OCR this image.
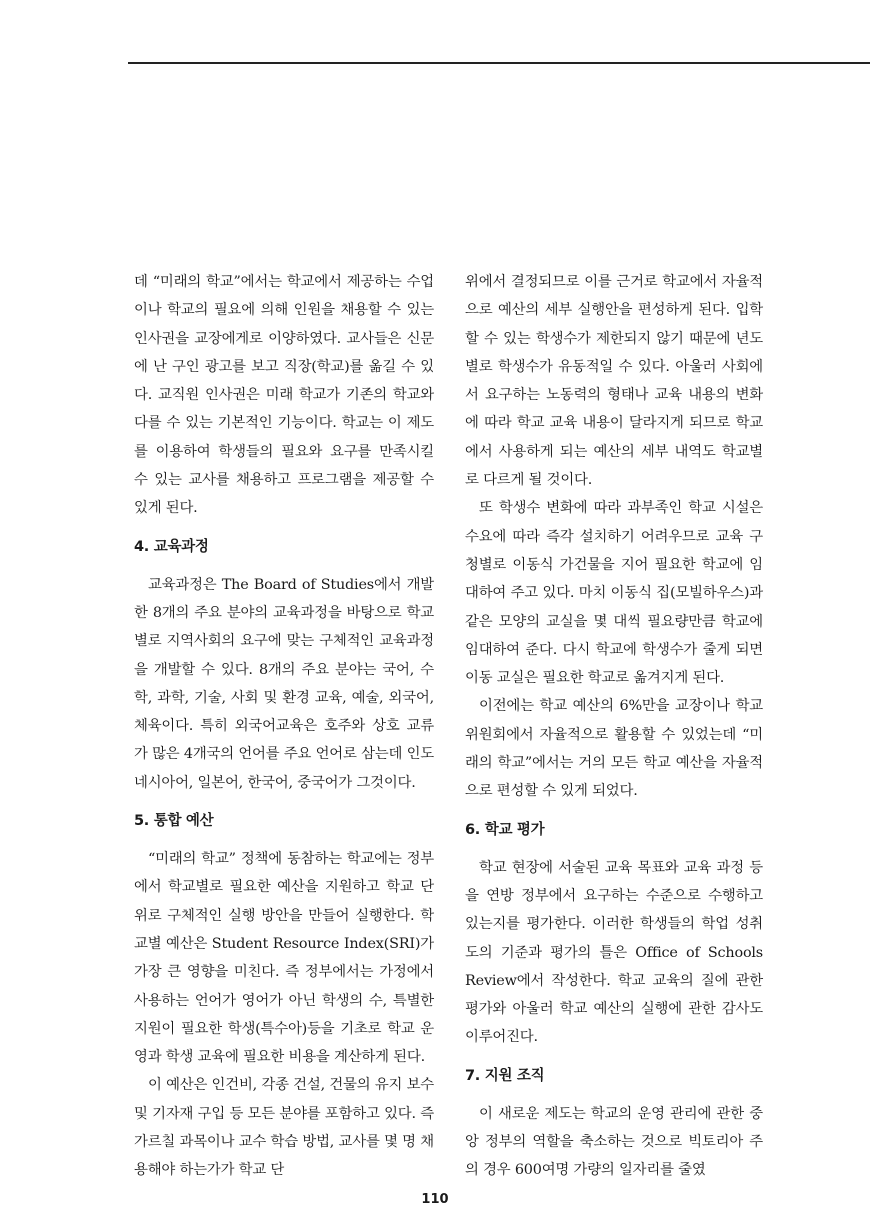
데 “미래의 학교”에서는 학교에서 제공하는 수업이나 학교의 필요에 의해 인원을 채용할 수 있는 인사권을 교장에게로 이양하였다. 교사들은 신문에 난 구인 광고를 보고 직장(학교)를 옮길 수 있다. 교직원 인사권은 미래 학교가 기존의 학교와 다를 수 있는 기본적인 기능이다. 학교는 이 제도를 이용하여 학생들의 필요와 요구를 만족시킬 수 있는 교사를 채용하고 프로그램을 제공할 수 있게 된다.

4. 교육과정

교육과정은 The Board of Studies에서 개발한 8개의 주요 분야의 교육과정을 바탕으로 학교별로 지역사회의 요구에 맞는 구체적인 교육과정을 개발할 수 있다. 8개의 주요 분야는 국어, 수학, 과학, 기술, 사회 및 환경 교육, 예술, 외국어, 체육이다. 특히 외국어교육은 호주와 상호 교류가 많은 4개국의 언어를 주요 언어로 삼는데 인도네시아어, 일본어, 한국어, 중국어가 그것이다.

5. 통합 예산

“미래의 학교” 정책에 동참하는 학교에는 정부에서 학교별로 필요한 예산을 지원하고 학교 단위로 구체적인 실행 방안을 만들어 실행한다. 학교별 예산은 Student Resource Index(SRI)가 가장 큰 영향을 미친다. 즉 정부에서는 가정에서 사용하는 언어가 영어가 아닌 학생의 수, 특별한 지원이 필요한 학생(특수아)등을 기초로 학교 운영과 학생 교육에 필요한 비용을 계산하게 된다.

이 예산은 인건비, 각종 건설, 건물의 유지 보수 및 기자재 구입 등 모든 분야를 포함하고 있다. 즉 가르칠 과목이나 교수 학습 방법, 교사를 몇 명 채용해야 하는가가 학교 단

위에서 결정되므로 이를 근거로 학교에서 자율적으로 예산의 세부 실행안을 편성하게 된다. 입학 할 수 있는 학생수가 제한되지 않기 때문에 년도별로 학생수가 유동적일 수 있다. 아울러 사회에서 요구하는 노동력의 형태나 교육 내용의 변화에 따라 학교 교육 내용이 달라지게 되므로 학교에서 사용하게 되는 예산의 세부 내역도 학교별로 다르게 될 것이다.

또 학생수 변화에 따라 과부족인 학교 시설은 수요에 따라 즉각 설치하기 어려우므로 교육 구청별로 이동식 가건물을 지어 필요한 학교에 임대하여 주고 있다. 마치 이동식 집(모빌하우스)과 같은 모양의 교실을 몇 대씩 필요량만큼 학교에 임대하여 준다. 다시 학교에 학생수가 줄게 되면 이동 교실은 필요한 학교로 옮겨지게 된다.

이전에는 학교 예산의 6%만을 교장이나 학교 위원회에서 자율적으로 활용할 수 있었는데 “미래의 학교”에서는 거의 모든 학교 예산을 자율적으로 편성할 수 있게 되었다.

6. 학교 평가

학교 현장에 서술된 교육 목표와 교육 과정 등을 연방 정부에서 요구하는 수준으로 수행하고 있는지를 평가한다. 이러한 학생들의 학업 성취도의 기준과 평가의 틀은 Office of Schools Review에서 작성한다. 학교 교육의 질에 관한 평가와 아울러 학교 예산의 실행에 관한 감사도 이루어진다.

7. 지원 조직

이 새로운 제도는 학교의 운영 관리에 관한 중앙 정부의 역할을 축소하는 것으로 빅토리아 주의 경우 600여명 가량의 일자리를 줄였

110
